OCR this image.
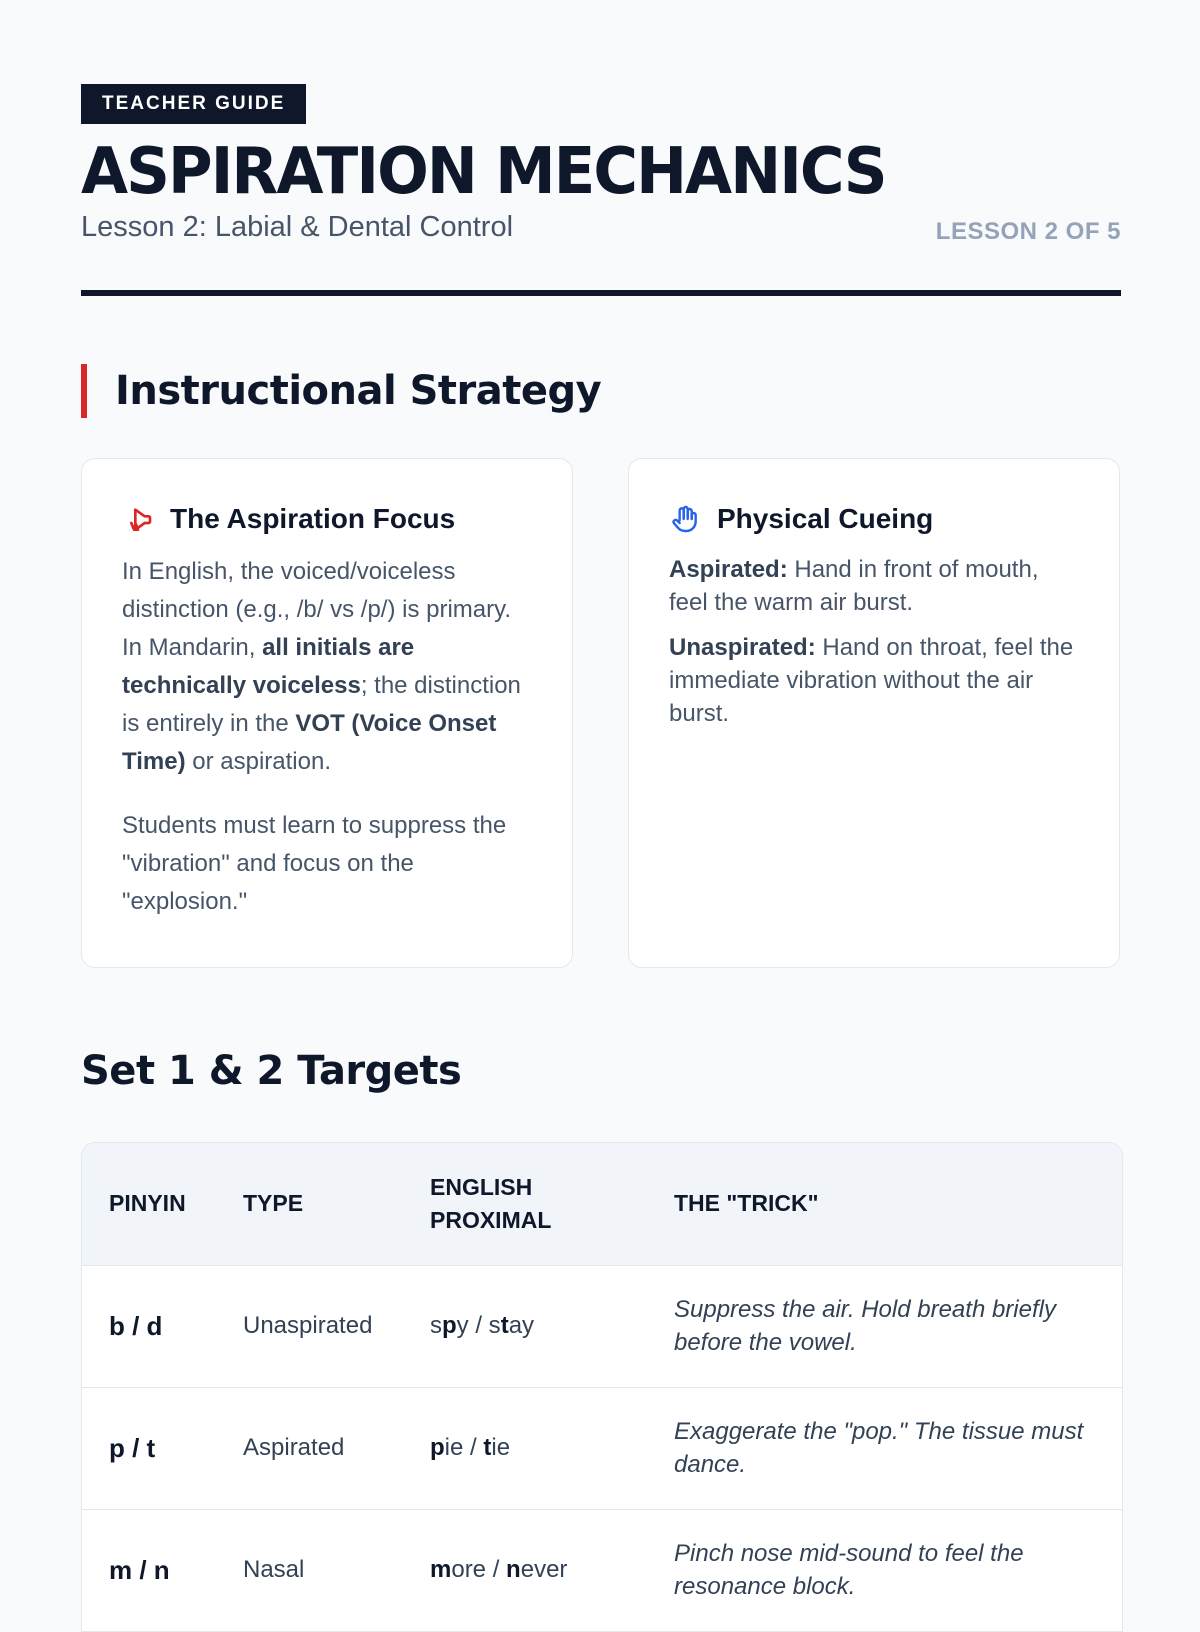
TEACHER GUIDE
ASPIRATION MECHANICS
Lesson 2: Labial & Dental Control	LESSON 2 OF 5
Instructional Strategy
The Aspiration Focus

In English, the voiced/voiceless distinction (e.g., /b/ vs /p/) is primary. In Mandarin, all initials are technically voiceless; the distinction is entirely in the VOT (Voice Onset Time) or aspiration.

Students must learn to suppress the "vibration" and focus on the "explosion."

Physical Cueing

Aspirated: Hand in front of mouth, feel the warm air burst.

Unaspirated: Hand on throat, feel the immediate vibration without the air burst.

Set 1 & 2 Targets
PINYIN	TYPE	ENGLISH PROXIMAL	THE "TRICK"
b / d	Unaspirated	spy / stay	Suppress the air. Hold breath briefly before the vowel.
p / t	Aspirated	pie / tie	Exaggerate the "pop." The tissue must dance.
m / n	Nasal	more / never	Pinch nose mid-sound to feel the resonance block.
